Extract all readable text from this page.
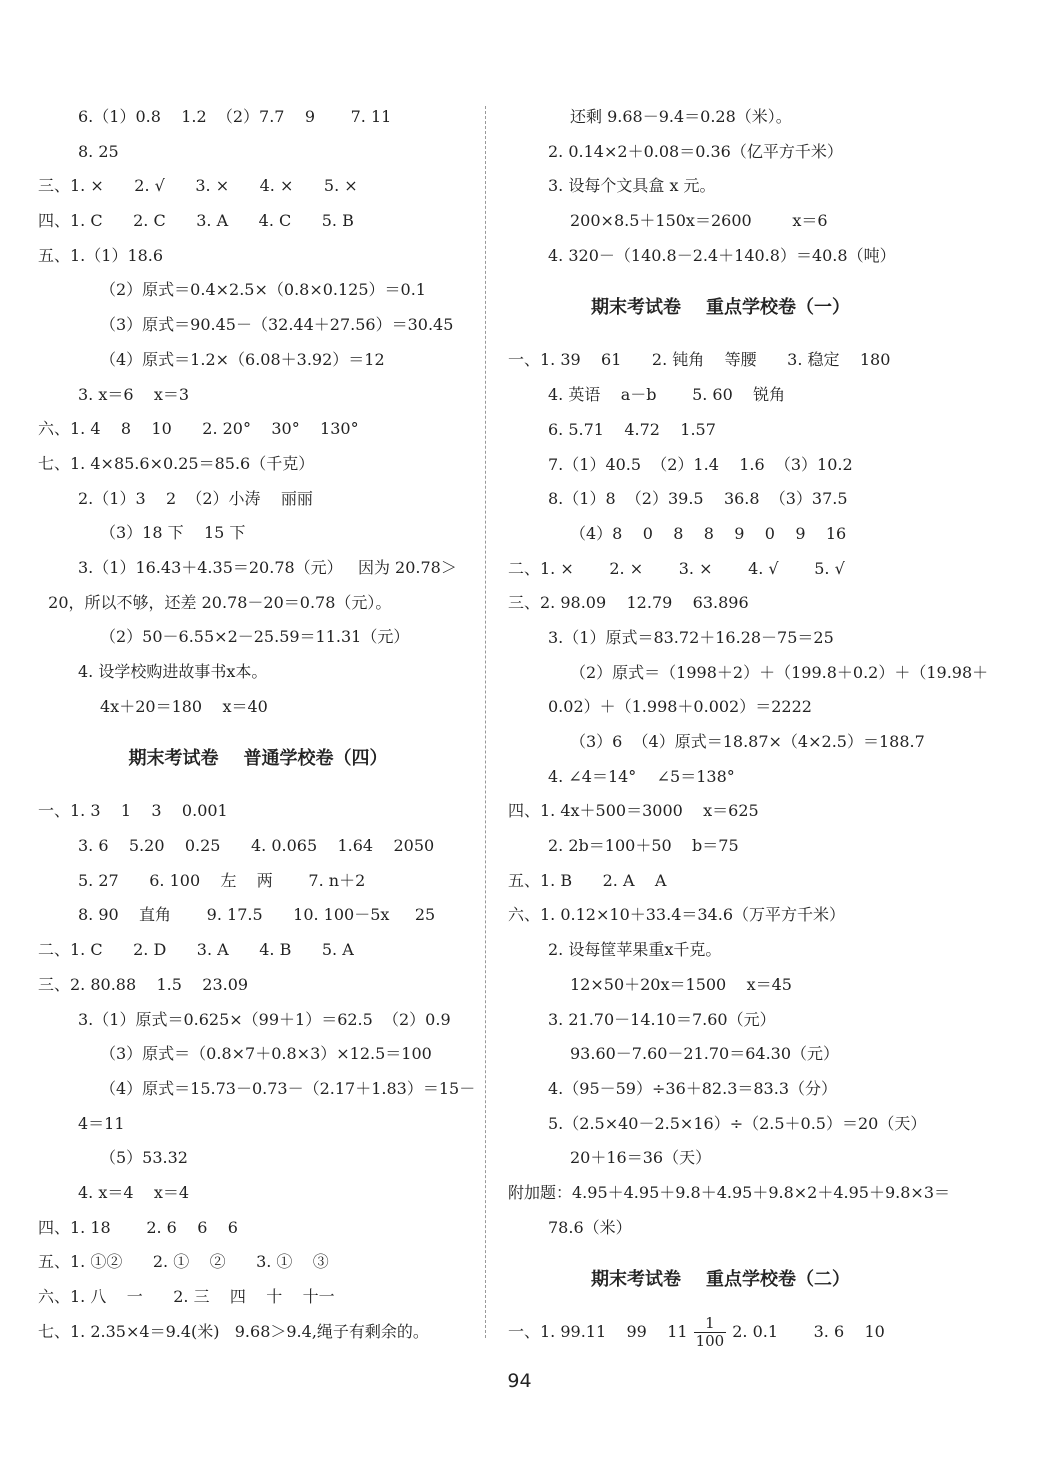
6.（1）0.8    1.2  （2）7.7    9       7. 11
8. 25
三、1. ×      2. √      3. ×      4. ×      5. ×
四、1. C      2. C      3. A      4. C      5. B
五、1.（1）18.6
（2）原式＝0.4×2.5×（0.8×0.125）＝0.1
（3）原式＝90.45－（32.44＋27.56）＝30.45
（4）原式＝1.2×（6.08＋3.92）＝12
3. x＝6    x＝3
六、1. 4    8    10      2. 20°    30°    130°
七、1. 4×85.6×0.25＝85.6（千克）
2.（1）3    2  （2）小涛    丽丽
（3）18 下    15 下
3.（1）16.43＋4.35＝20.78（元）   因为 20.78＞
20，所以不够，还差 20.78－20＝0.78（元）。
（2）50－6.55×2－25.59＝11.31（元）
4. 设学校购进故事书x本。
4x＋20＝180    x＝40
期末考试卷    普通学校卷（四）
一、1. 3    1    3    0.001
3. 6    5.20    0.25      4. 0.065    1.64    2050
5. 27      6. 100    左    两       7. n＋2
8. 90    直角       9. 17.5      10. 100－5x     25
二、1. C      2. D      3. A      4. B      5. A
三、2. 80.88    1.5    23.09
3.（1）原式＝0.625×（99＋1）＝62.5  （2）0.9
（3）原式＝（0.8×7＋0.8×3）×12.5＝100
（4）原式＝15.73－0.73－（2.17＋1.83）＝15－
4＝11
（5）53.32
4. x＝4    x＝4
四、1. 18       2. 6    6    6
五、1. ①②      2. ①    ②      3. ①    ③
六、1. 八    一      2. 三    四    十    十一
七、1. 2.35×4＝9.4(米)   9.68＞9.4,绳子有剩余的。
还剩 9.68－9.4＝0.28（米）。
2. 0.14×2＋0.08＝0.36（亿平方千米）
3. 设每个文具盒 x 元。
200×8.5＋150x＝2600        x＝6
4. 320－（140.8－2.4＋140.8）＝40.8（吨）
期末考试卷    重点学校卷（一）
一、1. 39    61      2. 钝角    等腰      3. 稳定    180
4. 英语    a－b       5. 60    锐角
6. 5.71    4.72    1.57
7.（1）40.5  （2）1.4    1.6  （3）10.2
8.（1）8  （2）39.5    36.8  （3）37.5
（4）8    0    8    8    9    0    9    16
二、1. ×       2. ×       3. ×       4. √       5. √
三、2. 98.09    12.79    63.896
3.（1）原式＝83.72＋16.28－75＝25
（2）原式＝（1998＋2）＋（199.8＋0.2）＋（19.98＋
0.02）＋（1.998＋0.002）＝2222
（3）6  （4）原式＝18.87×（4×2.5）＝188.7
4. ∠4＝14°    ∠5＝138°
四、1. 4x＋500＝3000    x＝625
2. 2b＝100＋50    b＝75
五、1. B      2. A    A
六、1. 0.12×10＋33.4＝34.6（万平方千米）
2. 设每筐苹果重x千克。
12×50＋20x＝1500    x＝45
3. 21.70－14.10＝7.60（元）
93.60－7.60－21.70＝64.30（元）
4.（95－59）÷36＋82.3＝83.3（分）
5.（2.5×40－2.5×16）÷（2.5＋0.5）＝20（天）
20＋16＝36（天）
附加题：4.95＋4.95＋9.8＋4.95＋9.8×2＋4.95＋9.8×3＝
78.6（米）
期末考试卷    重点学校卷（二）
一、1. 99.11    99    $11 \frac{1}{100} 2$. 0.1       3. 6    10
94
